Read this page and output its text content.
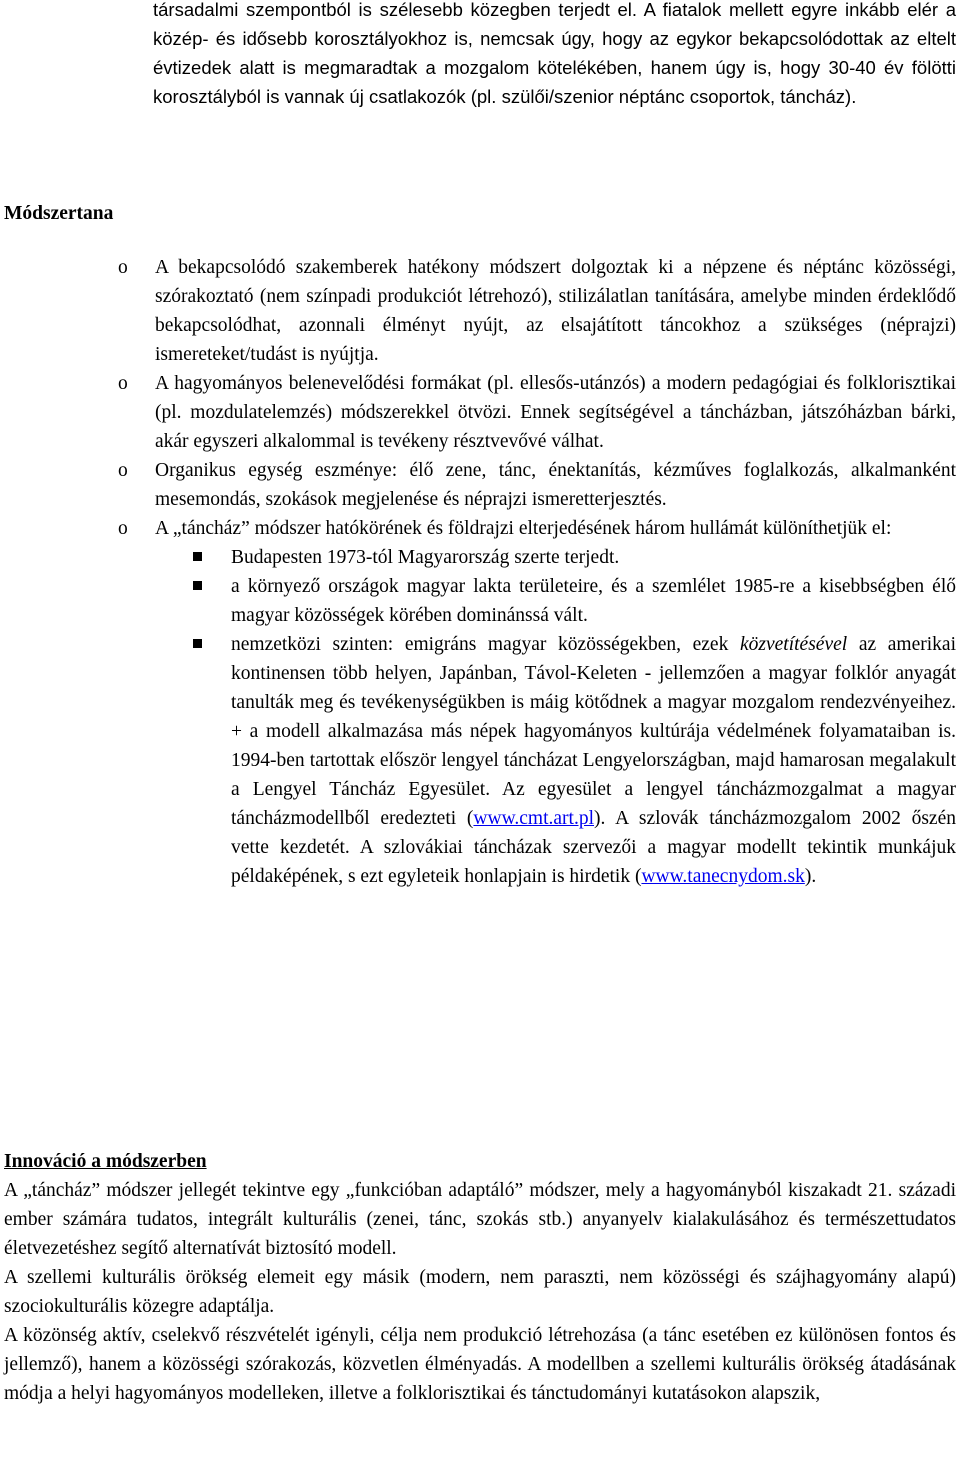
társadalmi szempontból is szélesebb közegben terjedt el. A fiatalok mellett egyre inkább elér a közép- és idősebb korosztályokhoz is, nemcsak úgy, hogy az egykor bekapcsolódottak az eltelt évtizedek alatt is megmaradtak a mozgalom kötelékében, hanem úgy is, hogy 30-40 év fölötti korosztályból is vannak új csatlakozók (pl. szülői/szenior néptánc csoportok, táncház).

Módszertana

o	A bekapcsolódó szakemberek hatékony módszert dolgoztak ki a népzene és néptánc közösségi, szórakoztató (nem színpadi produkciót létrehozó), stilizálatlan tanítására, amelybe minden érdeklődő bekapcsolódhat, azonnali élményt nyújt, az elsajátított táncokhoz a szükséges (néprajzi) ismereteket/tudást is nyújtja.

o	A hagyományos belenevelődési formákat (pl. ellesős-utánzós) a modern pedagógiai és folklorisztikai (pl. mozdulatelemzés) módszerekkel ötvözi. Ennek segítségével a táncházban, játszóházban bárki, akár egyszeri alkalommal is tevékeny résztvevővé válhat.

o	Organikus egység eszménye: élő zene, tánc, énektanítás, kézműves foglalkozás, alkalmanként mesemondás, szokások megjelenése és néprajzi ismeretterjesztés.

o	A „táncház” módszer hatókörének és földrajzi elterjedésének három hullámát különíthetjük el:

Budapesten 1973-tól Magyarország szerte terjedt.

a környező országok magyar lakta területeire, és a szemlélet 1985-re a kisebbségben élő magyar közösségek körében dominánssá vált.

nemzetközi szinten: emigráns magyar közösségekben, ezek közvetítésével az amerikai kontinensen több helyen, Japánban, Távol-Keleten - jellemzően a magyar folklór anyagát tanulták meg és tevékenységükben is máig kötődnek a magyar mozgalom rendezvényeihez. + a modell alkalmazása más népek hagyományos kultúrája védelmének folyamataiban is. 1994-ben tartottak először lengyel táncházat Lengyelországban, majd hamarosan megalakult a Lengyel Táncház Egyesület. Az egyesület a lengyel táncházmozgalmat a magyar táncházmodellből eredezteti (www.cmt.art.pl). A szlovák táncházmozgalom 2002 őszén vette kezdetét. A szlovákiai táncházak szervezői a magyar modellt tekintik munkájuk példaképének, s ezt egyleteik honlapjain is hirdetik (www.tanecnydom.sk).

Innováció a módszerben

A „táncház” módszer jellegét tekintve egy „funkcióban adaptáló” módszer, mely a hagyományból kiszakadt 21. századi ember számára tudatos, integrált kulturális (zenei, tánc, szokás stb.) anyanyelv kialakulásához és természettudatos életvezetéshez segítő alternatívát biztosító modell.

A szellemi kulturális örökség elemeit egy másik (modern, nem paraszti, nem közösségi és szájhagyomány alapú) szociokulturális közegre adaptálja.

A közönség aktív, cselekvő részvételét igényli, célja nem produkció létrehozása (a tánc esetében ez különösen fontos és jellemző), hanem a közösségi szórakozás, közvetlen élményadás. A modellben a szellemi kulturális örökség átadásának módja a helyi hagyományos modelleken, illetve a folklorisztikai és tánctudományi kutatásokon alapszik,
